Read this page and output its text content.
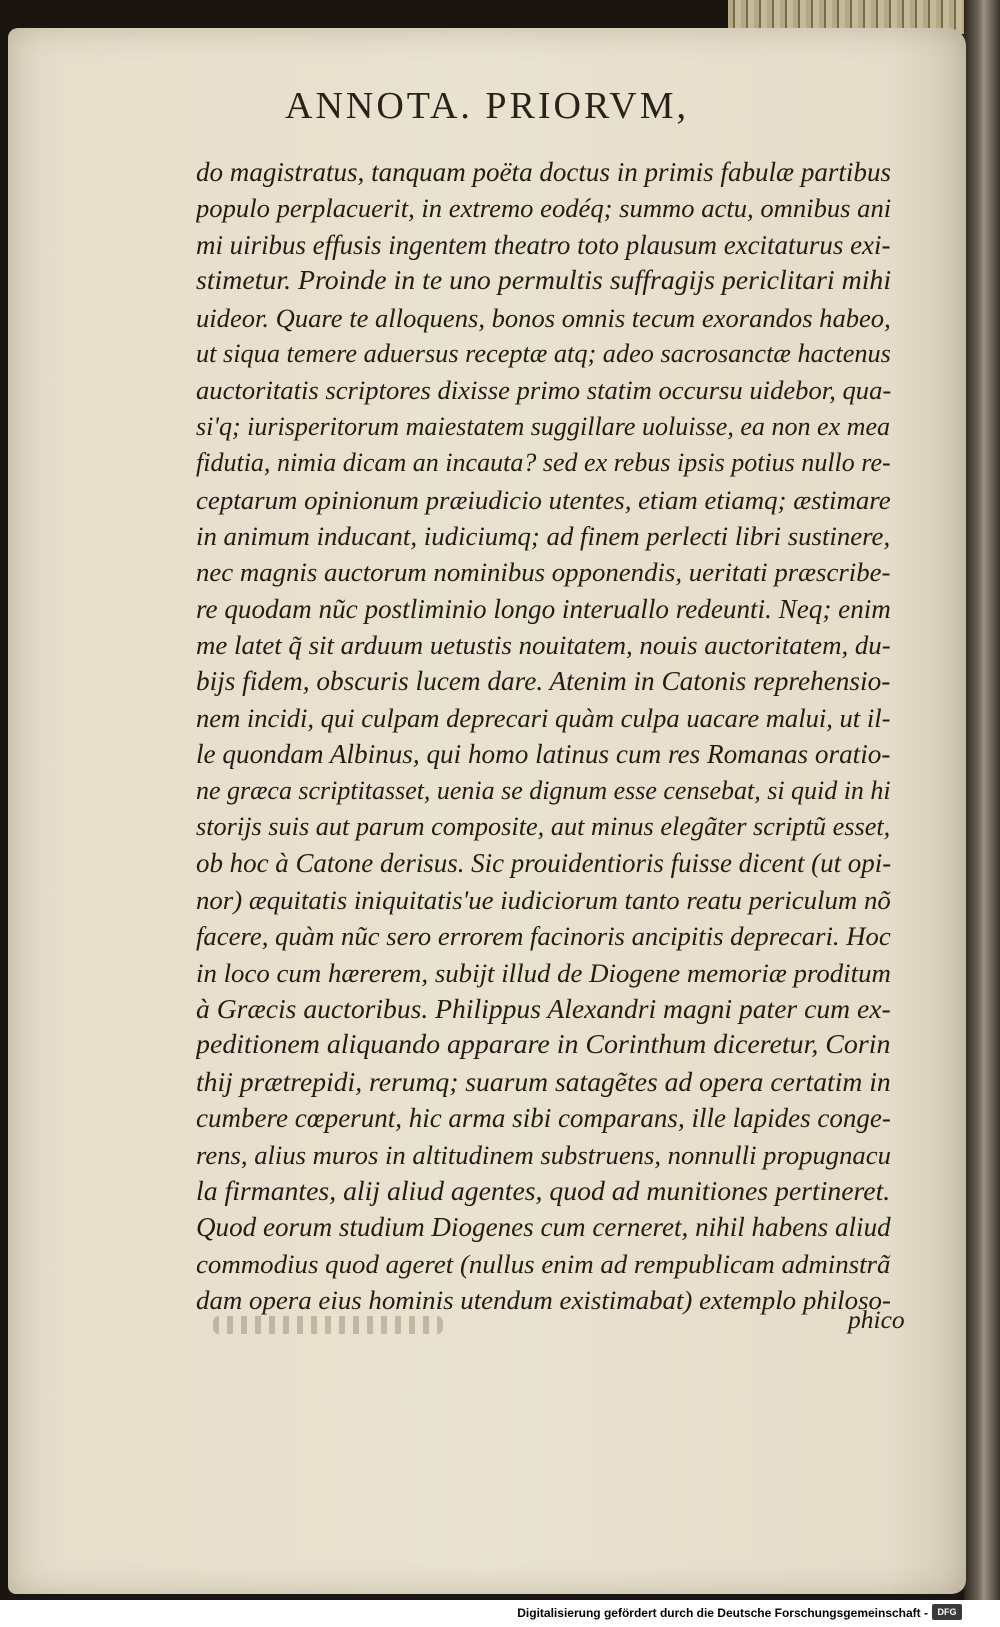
ANNOTA. PRIORVM,
do magistratus, tanquam poëta doctus in primis fabulæ partibus
populo perplacuerit, in extremo eodéq; summo actu, omnibus ani
mi uiribus effusis ingentem theatro toto plausum excitaturus exi-
stimetur. Proinde in te uno permultis suffragijs periclitari mihi
uideor. Quare te alloquens, bonos omnis tecum exorandos habeo,
ut siqua temere aduersus receptæ atq; adeo sacrosanctæ hactenus
auctoritatis scriptores dixisse primo statim occursu uidebor, qua-
si'q; iurisperitorum maiestatem suggillare uoluisse, ea non ex mea
fidutia, nimia dicam an incauta? sed ex rebus ipsis potius nullo re-
ceptarum opinionum præiudicio utentes, etiam etiamq; æstimare
in animum inducant, iudiciumq; ad finem perlecti libri sustinere,
nec magnis auctorum nominibus opponendis, ueritati præscribe-
re quodam nũc postliminio longo interuallo redeunti. Neq; enim
me latet q̃ sit arduum uetustis nouitatem, nouis auctoritatem, du-
bijs fidem, obscuris lucem dare. Atenim in Catonis reprehensio-
nem incidi, qui culpam deprecari quàm culpa uacare malui, ut il-
le quondam Albinus, qui homo latinus cum res Romanas oratio-
ne græca scriptitasset, uenia se dignum esse censebat, si quid in hi
storijs suis aut parum composite, aut minus elegãter scriptũ esset,
ob hoc à Catone derisus. Sic prouidentioris fuisse dicent (ut opi-
nor) æquitatis iniquitatis'ue iudiciorum tanto reatu periculum nõ
facere, quàm nũc sero errorem facinoris ancipitis deprecari. Hoc
in loco cum hærerem, subijt illud de Diogene memoriæ proditum
à Græcis auctoribus. Philippus Alexandri magni pater cum ex-
peditionem aliquando apparare in Corinthum diceretur, Corin
thij prætrepidi, rerumq; suarum satagẽtes ad opera certatim in
cumbere cœperunt, hic arma sibi comparans, ille lapides conge-
rens, alius muros in altitudinem substruens, nonnulli propugnacu
la firmantes, alij aliud agentes, quod ad munitiones pertineret.
Quod eorum studium Diogenes cum cerneret, nihil habens aliud
commodius quod ageret (nullus enim ad rempublicam adminstrã
dam opera eius hominis utendum existimabat) extemplo philoso-
phico
Digitalisierung gefördert durch die Deutsche Forschungsgemeinschaft -	DFG
